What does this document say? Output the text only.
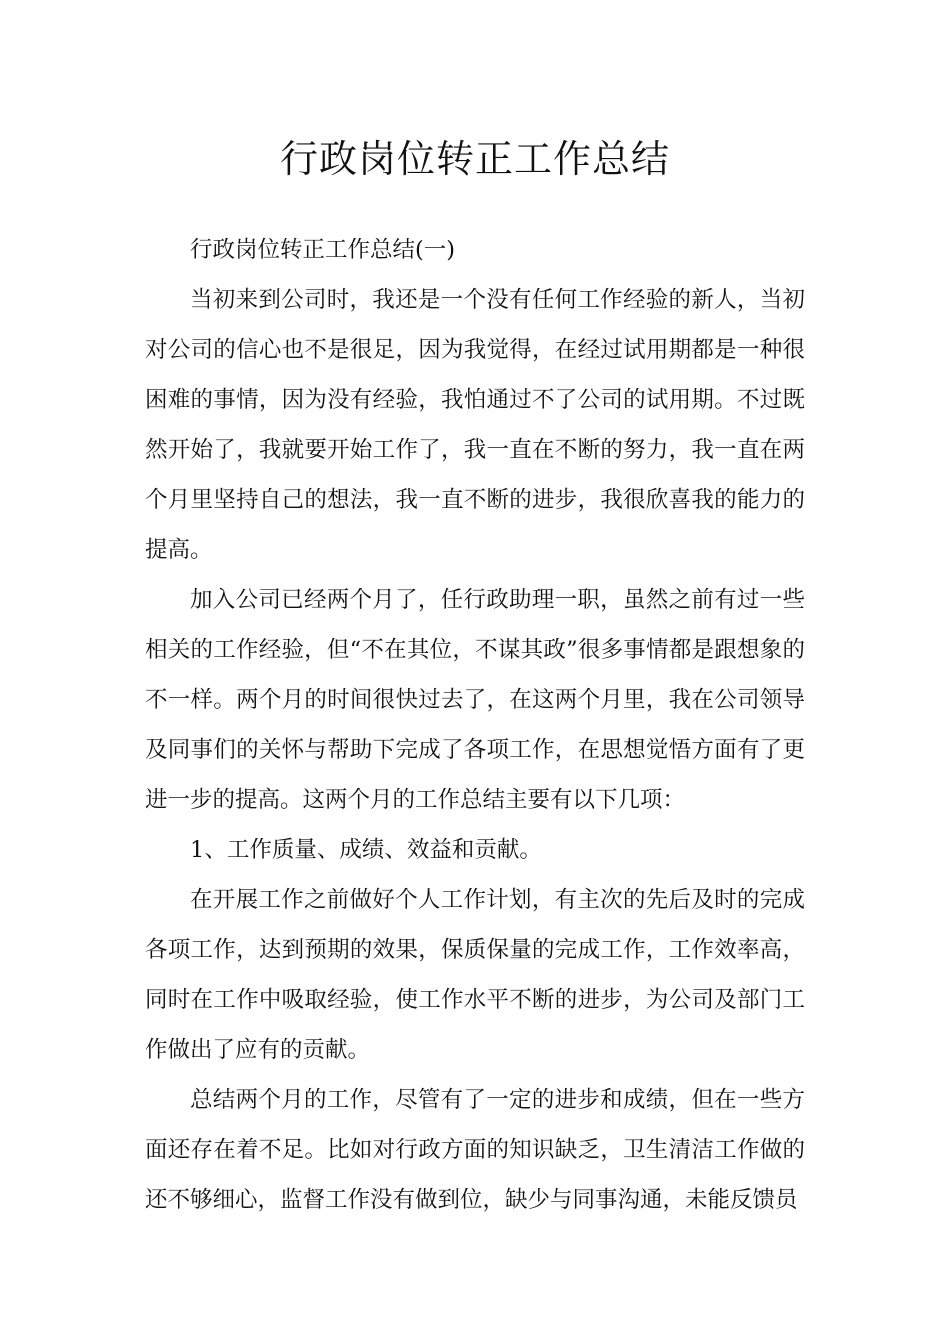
行政岗位转正工作总结

行政岗位转正工作总结(一)

当初来到公司时，我还是一个没有任何工作经验的新人，当初对公司的信心也不是很足，因为我觉得，在经过试用期都是一种很困难的事情，因为没有经验，我怕通过不了公司的试用期。不过既然开始了，我就要开始工作了，我一直在不断的努力，我一直在两个月里坚持自己的想法，我一直不断的进步，我很欣喜我的能力的提高。

加入公司已经两个月了，任行政助理一职，虽然之前有过一些相关的工作经验，但“不在其位，不谋其政”很多事情都是跟想象的不一样。两个月的时间很快过去了，在这两个月里，我在公司领导及同事们的关怀与帮助下完成了各项工作，在思想觉悟方面有了更进一步的提高。这两个月的工作总结主要有以下几项：

1、工作质量、成绩、效益和贡献。

在开展工作之前做好个人工作计划，有主次的先后及时的完成各项工作，达到预期的效果，保质保量的完成工作，工作效率高，同时在工作中吸取经验，使工作水平不断的进步，为公司及部门工作做出了应有的贡献。

总结两个月的工作，尽管有了一定的进步和成绩，但在一些方面还存在着不足。比如对行政方面的知识缺乏，卫生清洁工作做的还不够细心，监督工作没有做到位，缺少与同事沟通，未能反馈员
